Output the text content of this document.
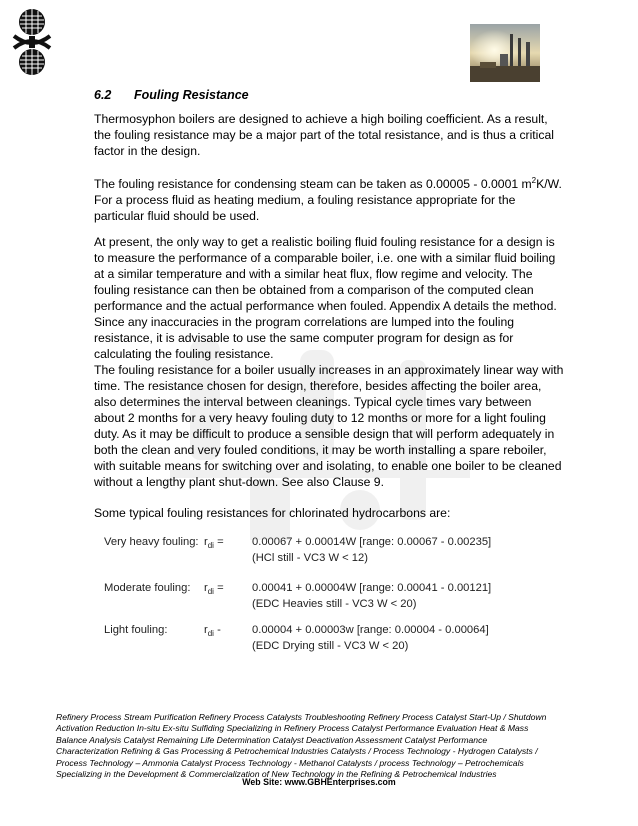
6.2 Fouling Resistance

Thermosyphon boilers are designed to achieve a high boiling coefficient. As a result, the fouling resistance may be a major part of the total resistance, and is thus a critical factor in the design.

The fouling resistance for condensing steam can be taken as 0.00005 - 0.0001 $m^2K/W$. For a process fluid as heating medium, a fouling resistance appropriate for the particular fluid should be used.

At present, the only way to get a realistic boiling fluid fouling resistance for a design is to measure the performance of a comparable boiler, i.e. one with a similar fluid boiling at a similar temperature and with a similar heat flux, flow regime and velocity. The fouling resistance can then be obtained from a comparison of the computed clean performance and the actual performance when fouled. Appendix A details the method. Since any inaccuracies in the program correlations are lumped into the fouling resistance, it is advisable to use the same computer program for design as for calculating the fouling resistance.

The fouling resistance for a boiler usually increases in an approximately linear way with time. The resistance chosen for design, therefore, besides affecting the boiler area, also determines the interval between cleanings. Typical cycle times vary between about 2 months for a very heavy fouling duty to 12 months or more for a light fouling duty. As it may be difficult to produce a sensible design that will perform adequately in both the clean and very fouled conditions, it may be worth installing a spare reboiler, with suitable means for switching over and isolating, to enable one boiler to be cleaned without a lengthy plant shut-down. See also Clause 9.

Some typical fouling resistances for chlorinated hydrocarbons are:

Very heavy fouling: $r_{di}$ =	0.00067 + 0.00014W [range: 0.00067 - 0.00235]
(HCl still - VC3 W < 12)
Moderate fouling: $r_{di}$ =	0.00041 + 0.00004W [range: 0.00041 - 0.00121]
(EDC Heavies still - VC3 W < 20)
Light fouling:	$r_{di}$ -	0.00004 + 0.00003w [range: 0.00004 - 0.00064]
(EDC Drying still - VC3 W < 20)
Refinery Process Stream Purification Refinery Process Catalysts Troubleshooting Refinery Process Catalyst Start-Up / Shutdown
Activation Reduction In-situ Ex-situ Sulfiding Specializing in Refinery Process Catalyst Performance Evaluation Heat & Mass
Balance Analysis Catalyst Remaining Life Determination Catalyst Deactivation Assessment Catalyst Performance
Characterization Refining & Gas Processing & Petrochemical Industries Catalysts / Process Technology - Hydrogen Catalysts /
Process Technology – Ammonia Catalyst Process Technology - Methanol Catalysts / process Technology – Petrochemicals
Specializing in the Development & Commercialization of New Technology in the Refining & Petrochemical Industries
Web Site: www.GBHEnterprises.com
